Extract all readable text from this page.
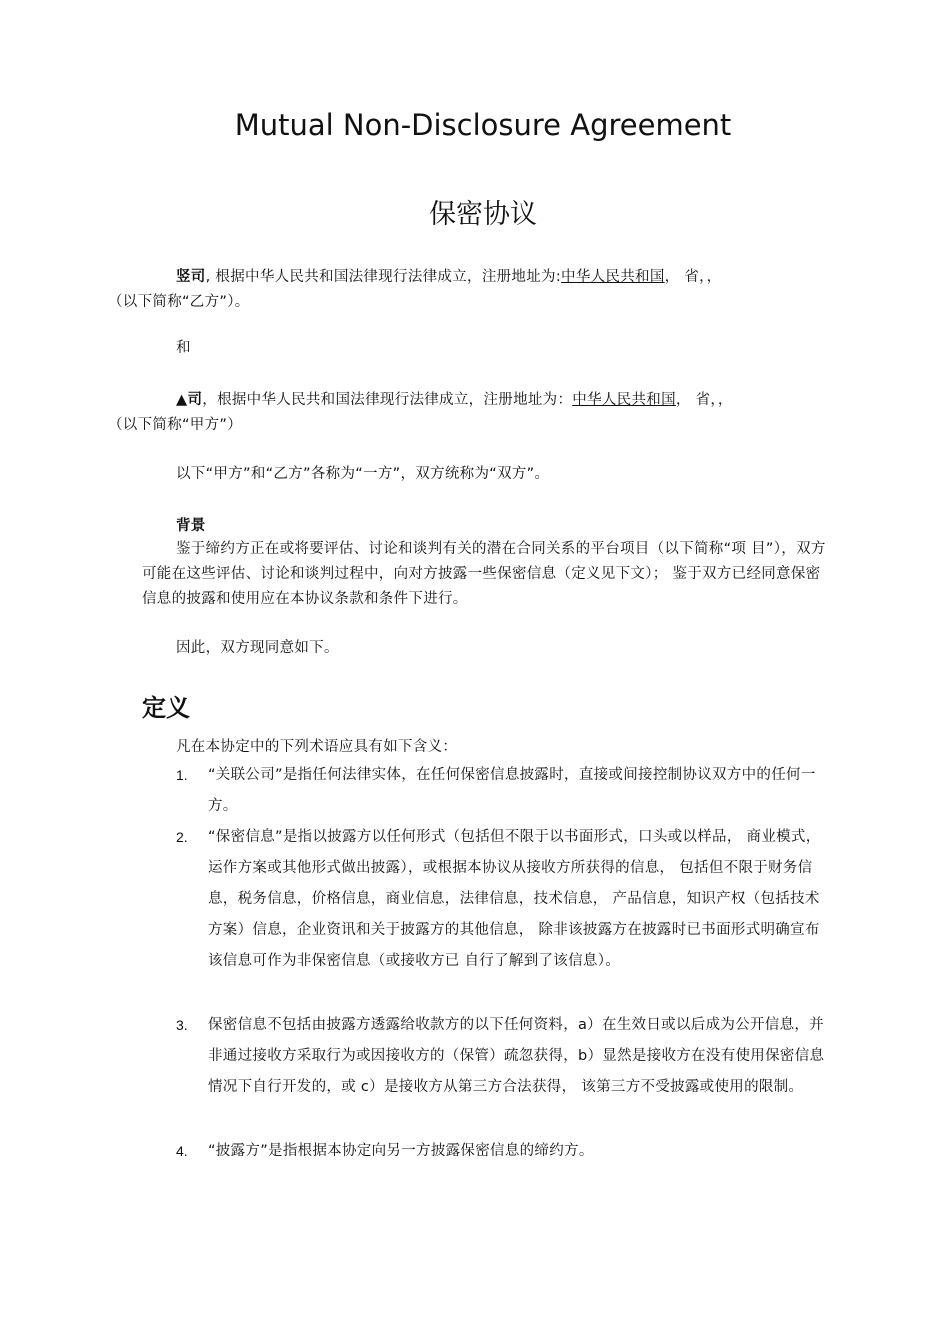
Mutual Non-Disclosure Agreement
保密协议
竖司, 根据中华人民共和国法律现行法律成立，注册地址为:中华人民共和国， 省，，
（以下简称“乙方”）。
和
▲司，根据中华人民共和国法律现行法律成立，注册地址为：中华人民共和国， 省，，
（以下简称“甲方”）
以下“甲方”和“乙方”各称为“一方”，双方统称为“双方”。
背景
鉴于缔约方正在或将要评估、讨论和谈判有关的潜在合同关系的平台项目（以下简称“项 目”），双方可能在这些评估、讨论和谈判过程中，向对方披露一些保密信息（定义见下文）； 鉴于双方已经同意保密信息的披露和使用应在本协议条款和条件下进行。
因此，双方现同意如下。
定义
凡在本协定中的下列术语应具有如下含义：
1. “关联公司”是指任何法律实体，在任何保密信息披露时，直接或间接控制协议双方中的任何一方。
2. “保密信息”是指以披露方以任何形式（包括但不限于以书面形式，口头或以样品， 商业模式，运作方案或其他形式做出披露），或根据本协议从接收方所获得的信息， 包括但不限于财务信息，税务信息，价格信息，商业信息，法律信息，技术信息， 产品信息，知识产权（包括技术方案）信息，企业资讯和关于披露方的其他信息， 除非该披露方在披露时已书面形式明确宣布该信息可作为非保密信息（或接收方已 自行了解到了该信息）。
3. 保密信息不包括由披露方透露给收款方的以下任何资料，a）在生效日或以后成为公开信息，并非通过接收方采取行为或因接收方的（保管）疏忽获得，b）显然是接收方在没有使用保密信息情况下自行开发的，或 c）是接收方从第三方合法获得， 该第三方不受披露或使用的限制。
4. “披露方”是指根据本协定向另一方披露保密信息的缔约方。
